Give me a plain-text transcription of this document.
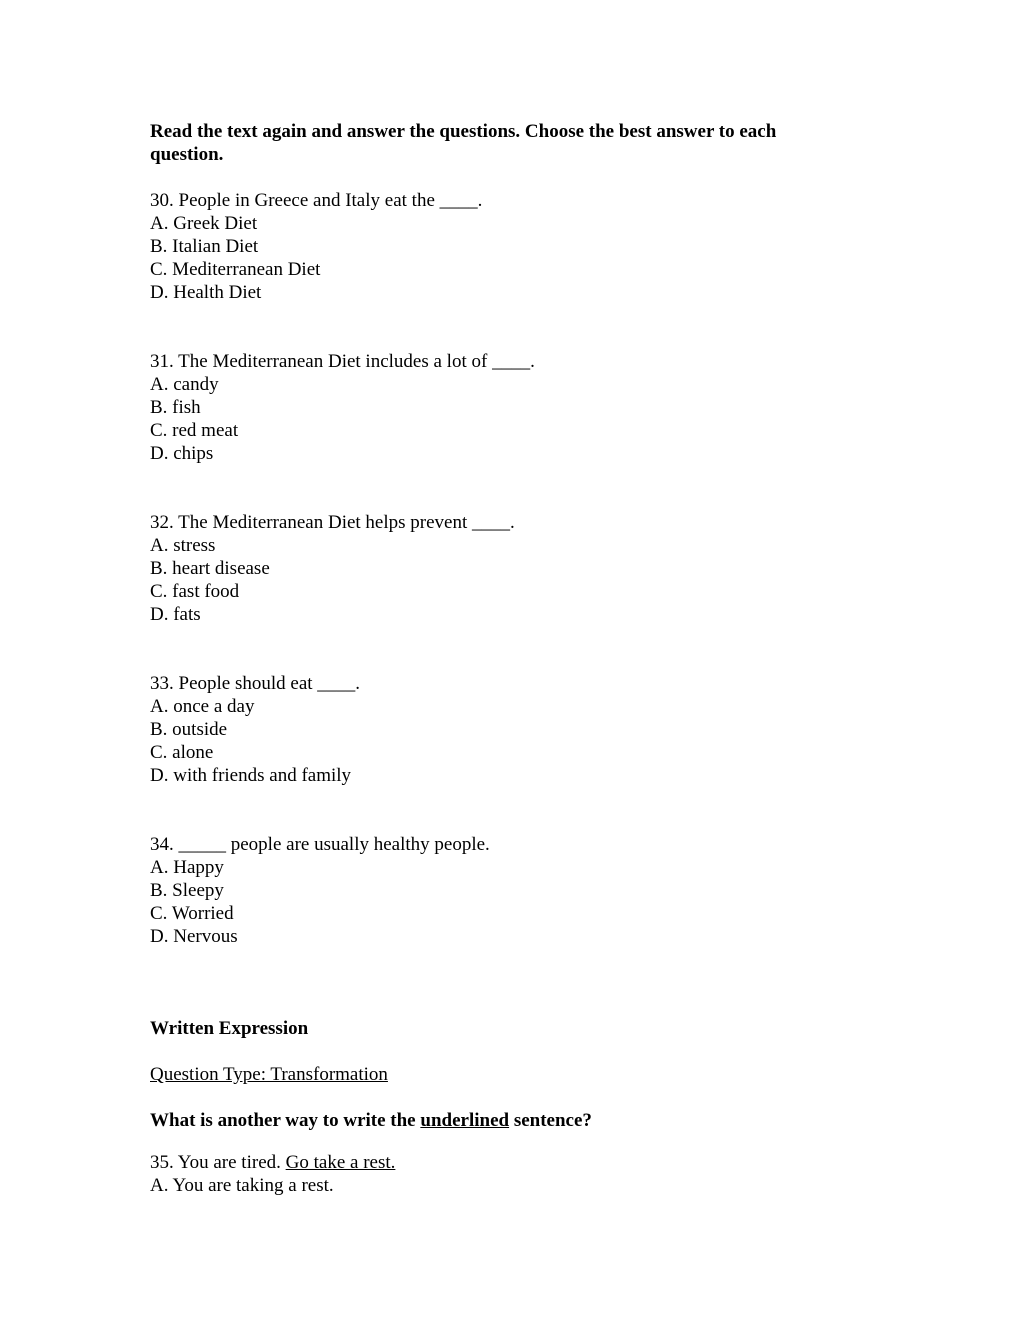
Read the text again and answer the questions. Choose the best answer to each question.
30. People in Greece and Italy eat the ____.
A. Greek Diet
B. Italian Diet
C. Mediterranean Diet
D. Health Diet
31. The Mediterranean Diet includes a lot of ____.
A. candy
B. fish
C. red meat
D. chips
32. The Mediterranean Diet helps prevent ____.
A. stress
B. heart disease
C. fast food
D. fats
33. People should eat ____.
A. once a day
B. outside
C. alone
D. with friends and family
34. _____ people are usually healthy people.
A. Happy
B. Sleepy
C. Worried
D. Nervous
Written Expression
Question Type: Transformation
What is another way to write the underlined sentence?
35. You are tired. Go take a rest.
A. You are taking a rest.
